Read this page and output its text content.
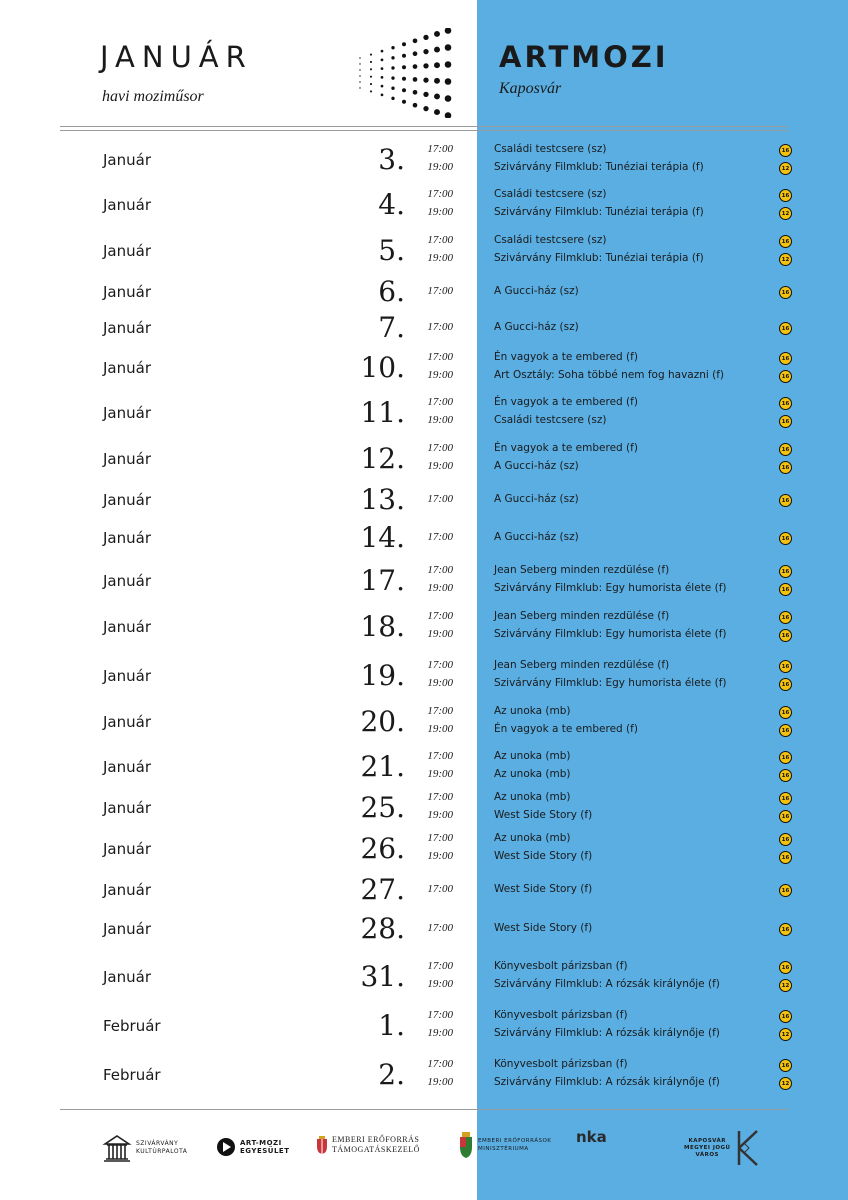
JANUÁR
havi moziműsor
ARTMOZI
Kaposvár
Január	3.	17:00	Családi testcsere (sz)	16
19:00	Szivárvány Filmklub: Tunéziai terápia (f)	12
Január	4.	17:00	Családi testcsere (sz)	16
19:00	Szivárvány Filmklub: Tunéziai terápia (f)	12
Január	5.	17:00	Családi testcsere (sz)	16
19:00	Szivárvány Filmklub: Tunéziai terápia (f)	12
Január	6.	17:00	A Gucci-ház (sz)	16
Január	7.	17:00	A Gucci-ház (sz)	16
Január	10.	17:00	Én vagyok a te embered (f)	16
19:00	Art Osztály: Soha többé nem fog havazni (f)	16
Január	11.	17:00	Én vagyok a te embered (f)	16
19:00	Családi testcsere (sz)	16
Január	12.	17:00	Én vagyok a te embered (f)	16
19:00	A Gucci-ház (sz)	16
Január	13.	17:00	A Gucci-ház (sz)	16
Január	14.	17:00	A Gucci-ház (sz)	16
Január	17.	17:00	Jean Seberg minden rezdülése (f)	16
19:00	Szivárvány Filmklub: Egy humorista élete (f)	16
Január	18.	17:00	Jean Seberg minden rezdülése (f)	16
19:00	Szivárvány Filmklub: Egy humorista élete (f)	16
Január	19.	17:00	Jean Seberg minden rezdülése (f)	16
19:00	Szivárvány Filmklub: Egy humorista élete (f)	16
Január	20.	17:00	Az unoka (mb)	16
19:00	Én vagyok a te embered (f)	16
Január	21.	17:00	Az unoka (mb)	16
19:00	Az unoka (mb)	16
Január	25.	17:00	Az unoka (mb)	16
19:00	West Side Story (f)	16
Január	26.	17:00	Az unoka (mb)	16
19:00	West Side Story (f)	16
Január	27.	17:00	West Side Story (f)	16
Január	28.	17:00	West Side Story (f)	16
Január	31.	17:00	Könyvesbolt párizsban (f)	16
19:00	Szivárvány Filmklub: A rózsák királynője (f)	12
Február	1.	17:00	Könyvesbolt párizsban (f)	16
19:00	Szivárvány Filmklub: A rózsák királynője (f)	12
Február	2.	17:00	Könyvesbolt párizsban (f)	16
19:00	Szivárvány Filmklub: A rózsák királynője (f)	12
SZIVÁRVÁNY KULTÚRPALOTA
ART-MOZI
EGYESÜLET
EMBERI ERŐFORRÁS
TÁMOGATÁSKEZELŐ
EMBERI ERŐFORRÁSOK
MINISZTÉRIUMA
nka	KAPOSVÁR
MEGYEI JOGÚ
VÁROS
